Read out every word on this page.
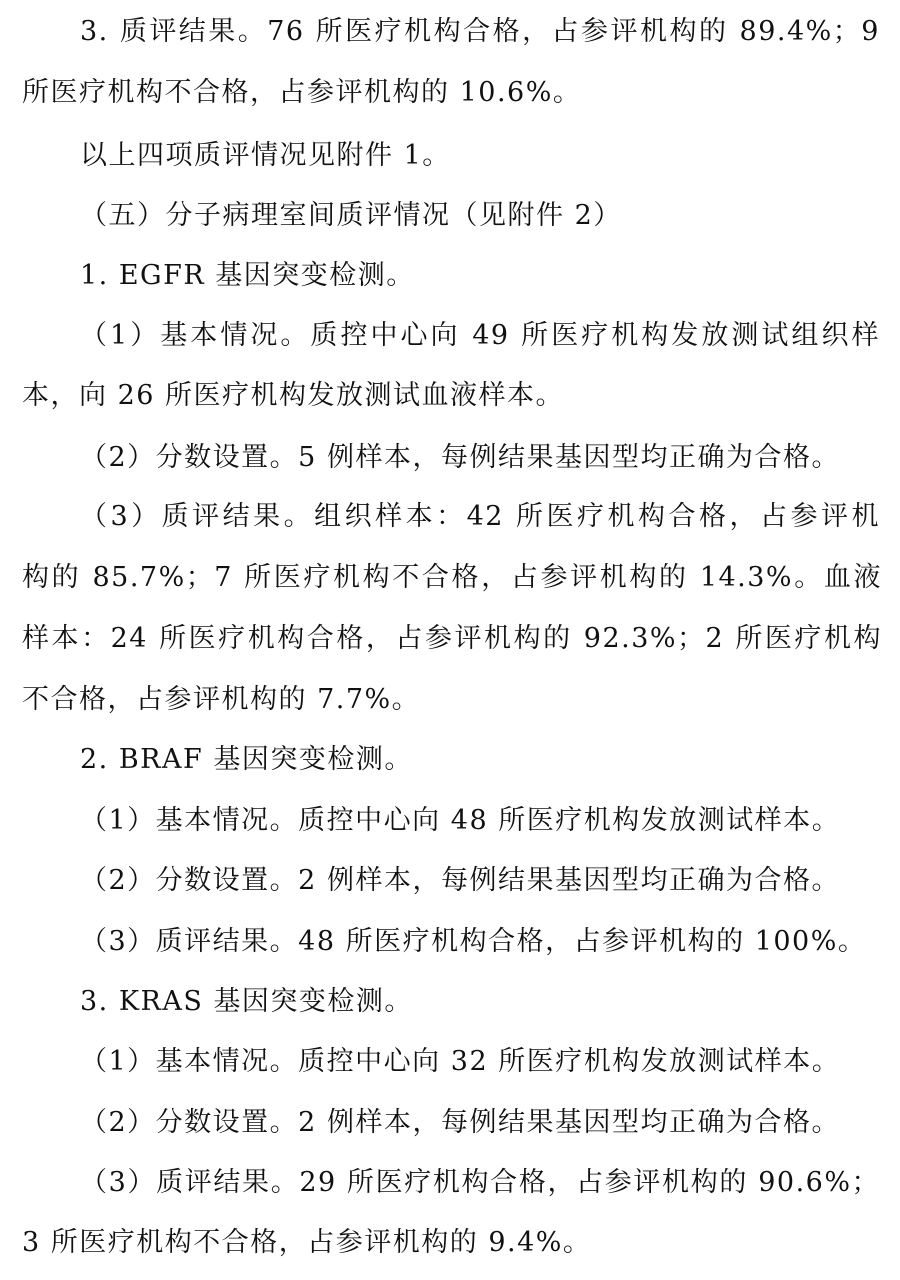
3. 质评结果。76 所医疗机构合格，占参评机构的 89.4%；9
所医疗机构不合格，占参评机构的 10.6%。
以上四项质评情况见附件 1。
（五）分子病理室间质评情况（见附件 2）
1. EGFR 基因突变检测。
（1）基本情况。质控中心向 49 所医疗机构发放测试组织样
本，向 26 所医疗机构发放测试血液样本。
（2）分数设置。5 例样本，每例结果基因型均正确为合格。
（3）质评结果。组织样本：42 所医疗机构合格，占参评机
构的 85.7%；7 所医疗机构不合格，占参评机构的 14.3%。血液
样本：24 所医疗机构合格，占参评机构的 92.3%；2 所医疗机构
不合格，占参评机构的 7.7%。
2. BRAF 基因突变检测。
（1）基本情况。质控中心向 48 所医疗机构发放测试样本。
（2）分数设置。2 例样本，每例结果基因型均正确为合格。
（3）质评结果。48 所医疗机构合格，占参评机构的 100%。
3. KRAS 基因突变检测。
（1）基本情况。质控中心向 32 所医疗机构发放测试样本。
（2）分数设置。2 例样本，每例结果基因型均正确为合格。
（3）质评结果。29 所医疗机构合格，占参评机构的 90.6%；
3 所医疗机构不合格，占参评机构的 9.4%。
